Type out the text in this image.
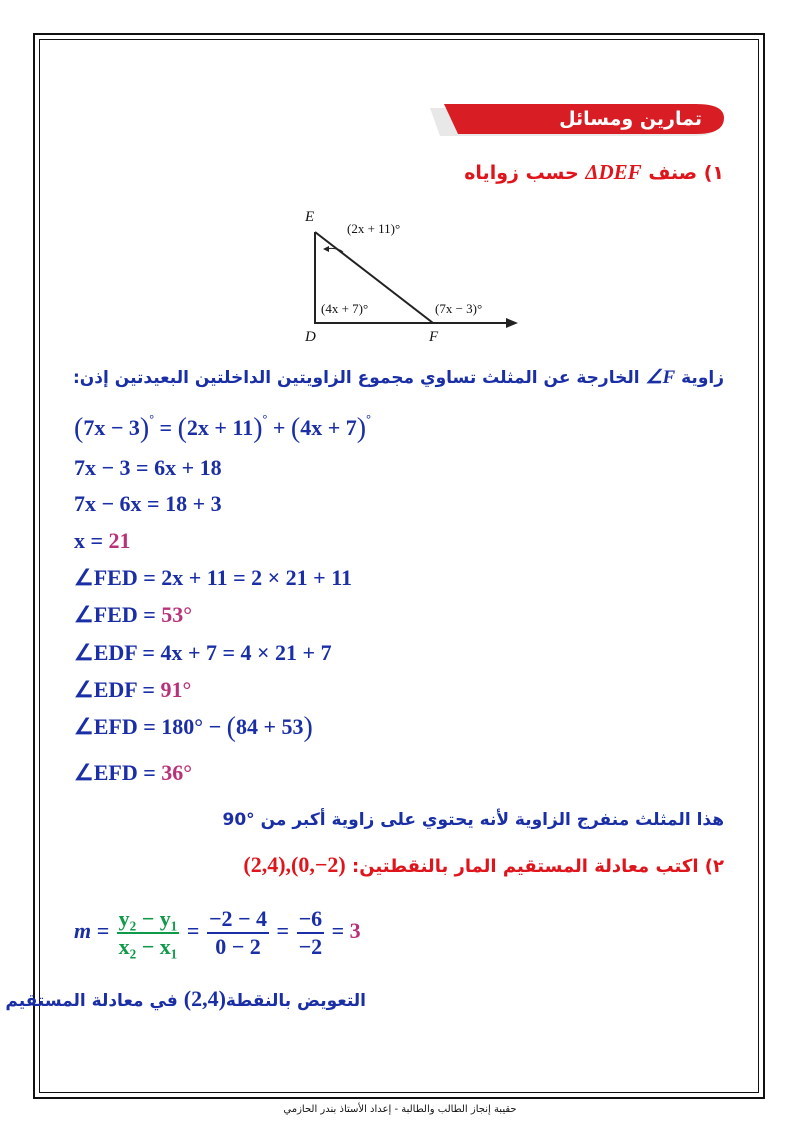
تمارين ومسائل
١) صنف ΔDEF حسب زواياه
E
D	F
(2x + 11)°
(4x + 7)°	(7x − 3)°
زاوية F∠ الخارجة عن المثلث تساوي مجموع الزاويتين الداخلتين البعيدتين إذن:
(7x − 3)° = (2x + 11)° + (4x + 7)°
7x − 3 = 6x + 18
7x − 6x = 18 + 3
x = 21
∠FED = 2x + 11 = 2 × 21 + 11
∠FED = 53°
∠EDF = 4x + 7 = 4 × 21 + 7
∠EDF = 91°
∠EFD = 180° − (84 + 53)
∠EFD = 36°
هذا المثلث منفرج الزاوية لأنه يحتوي على زاوية أكبر من °90
٢) اكتب معادلة المستقيم المار بالنقطتين: (2,4),(0,−2)
$m = \frac{\text{y₂ − y₁}}{\text{x₂ − x₁}} = \frac{-2 - 4}{0 - 2} = \frac{-6}{-2} = 3$
التعويض بالنقطة(2,4) في معادلة المستقيم
حقيبة إنجاز الطالب والطالبة - إعداد الأستاذ بندر الحازمي
